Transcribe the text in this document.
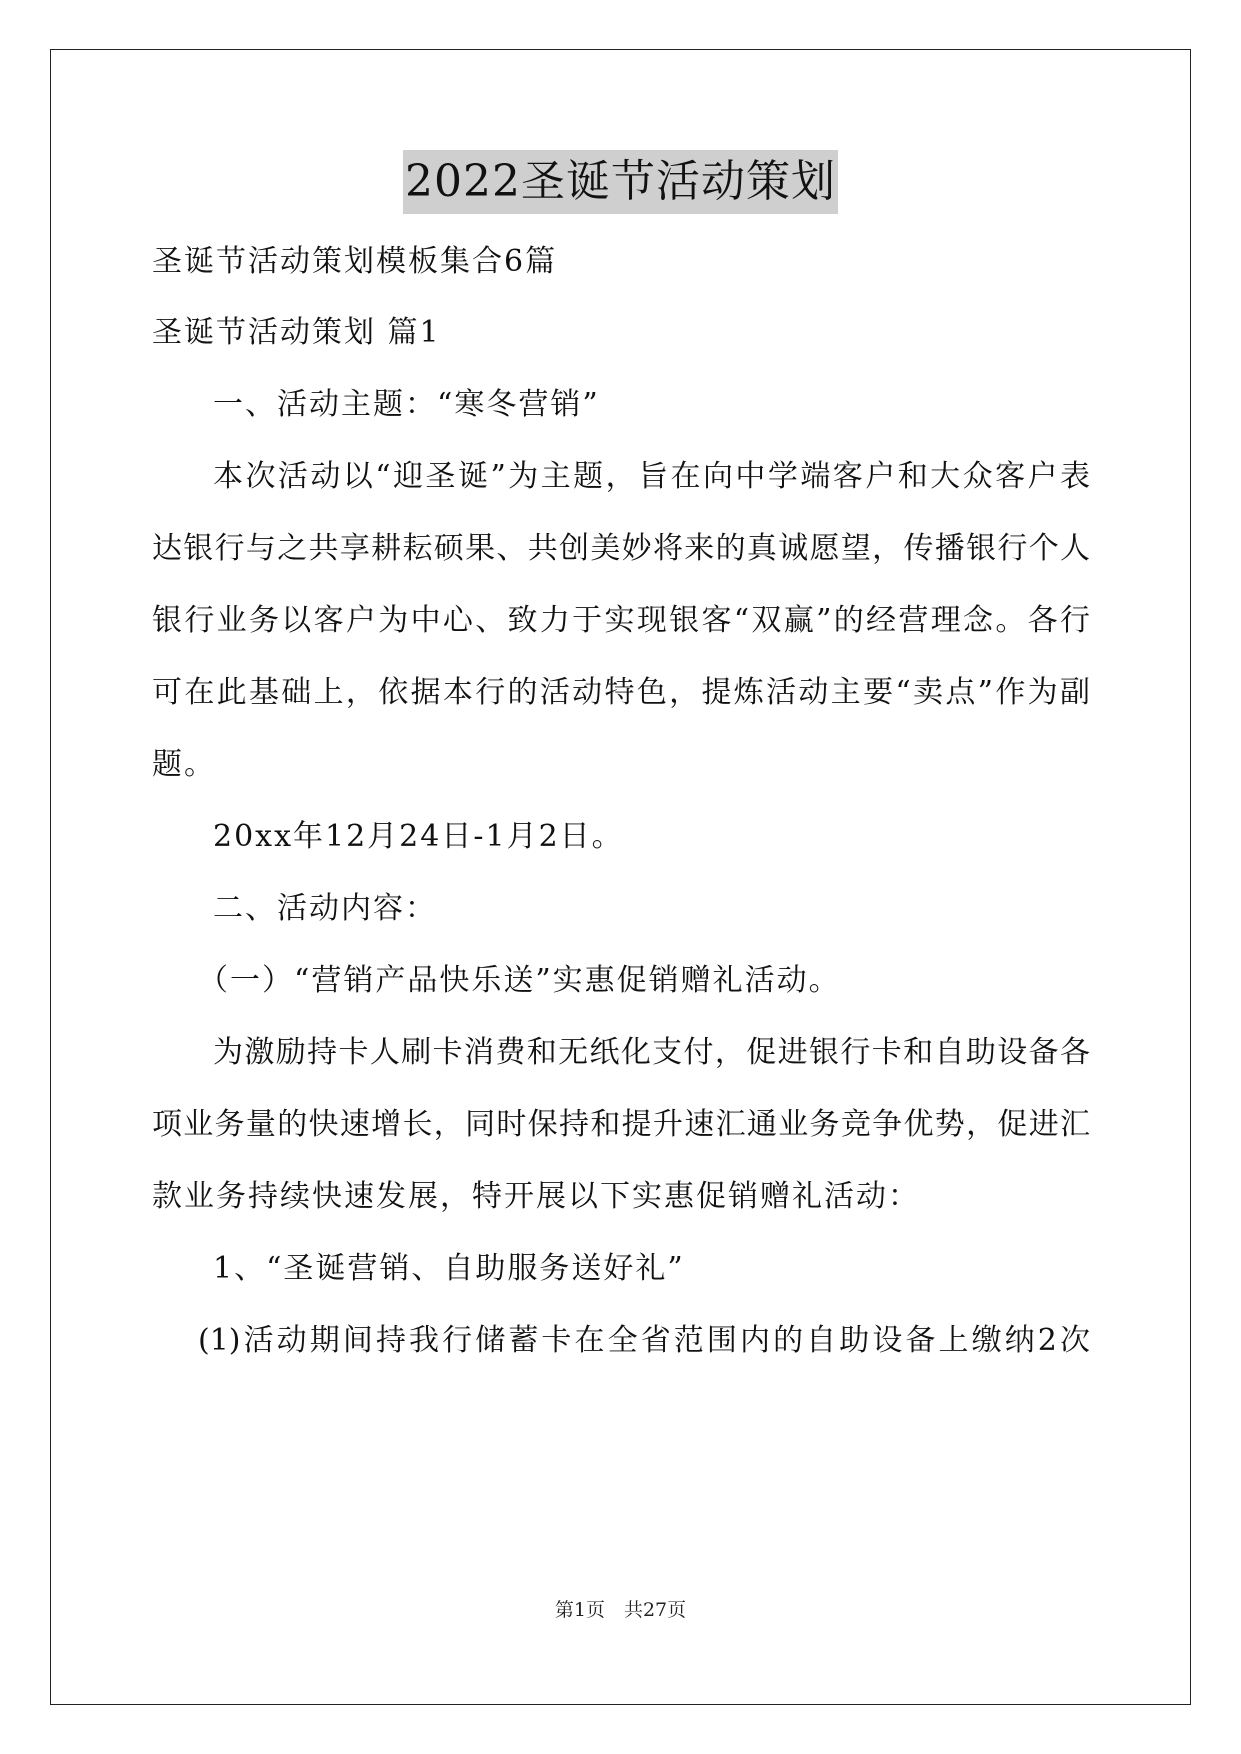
2022圣诞节活动策划
圣诞节活动策划模板集合6篇
圣诞节活动策划 篇1
一、活动主题：“寒冬营销”
本次活动以“迎圣诞”为主题，旨在向中学端客户和大众客户表
达银行与之共享耕耘硕果、共创美妙将来的真诚愿望，传播银行个人
银行业务以客户为中心、致力于实现银客“双赢”的经营理念。各行
可在此基础上，依据本行的活动特色，提炼活动主要“卖点”作为副
题。
20xx年12月24日-1月2日。
二、活动内容：
（一）“营销产品快乐送”实惠促销赠礼活动。
为激励持卡人刷卡消费和无纸化支付，促进银行卡和自助设备各
项业务量的快速增长，同时保持和提升速汇通业务竞争优势，促进汇
款业务持续快速发展，特开展以下实惠促销赠礼活动：
1、“圣诞营销、自助服务送好礼”
(1)活动期间持我行储蓄卡在全省范围内的自助设备上缴纳2次
第1页　共27页
